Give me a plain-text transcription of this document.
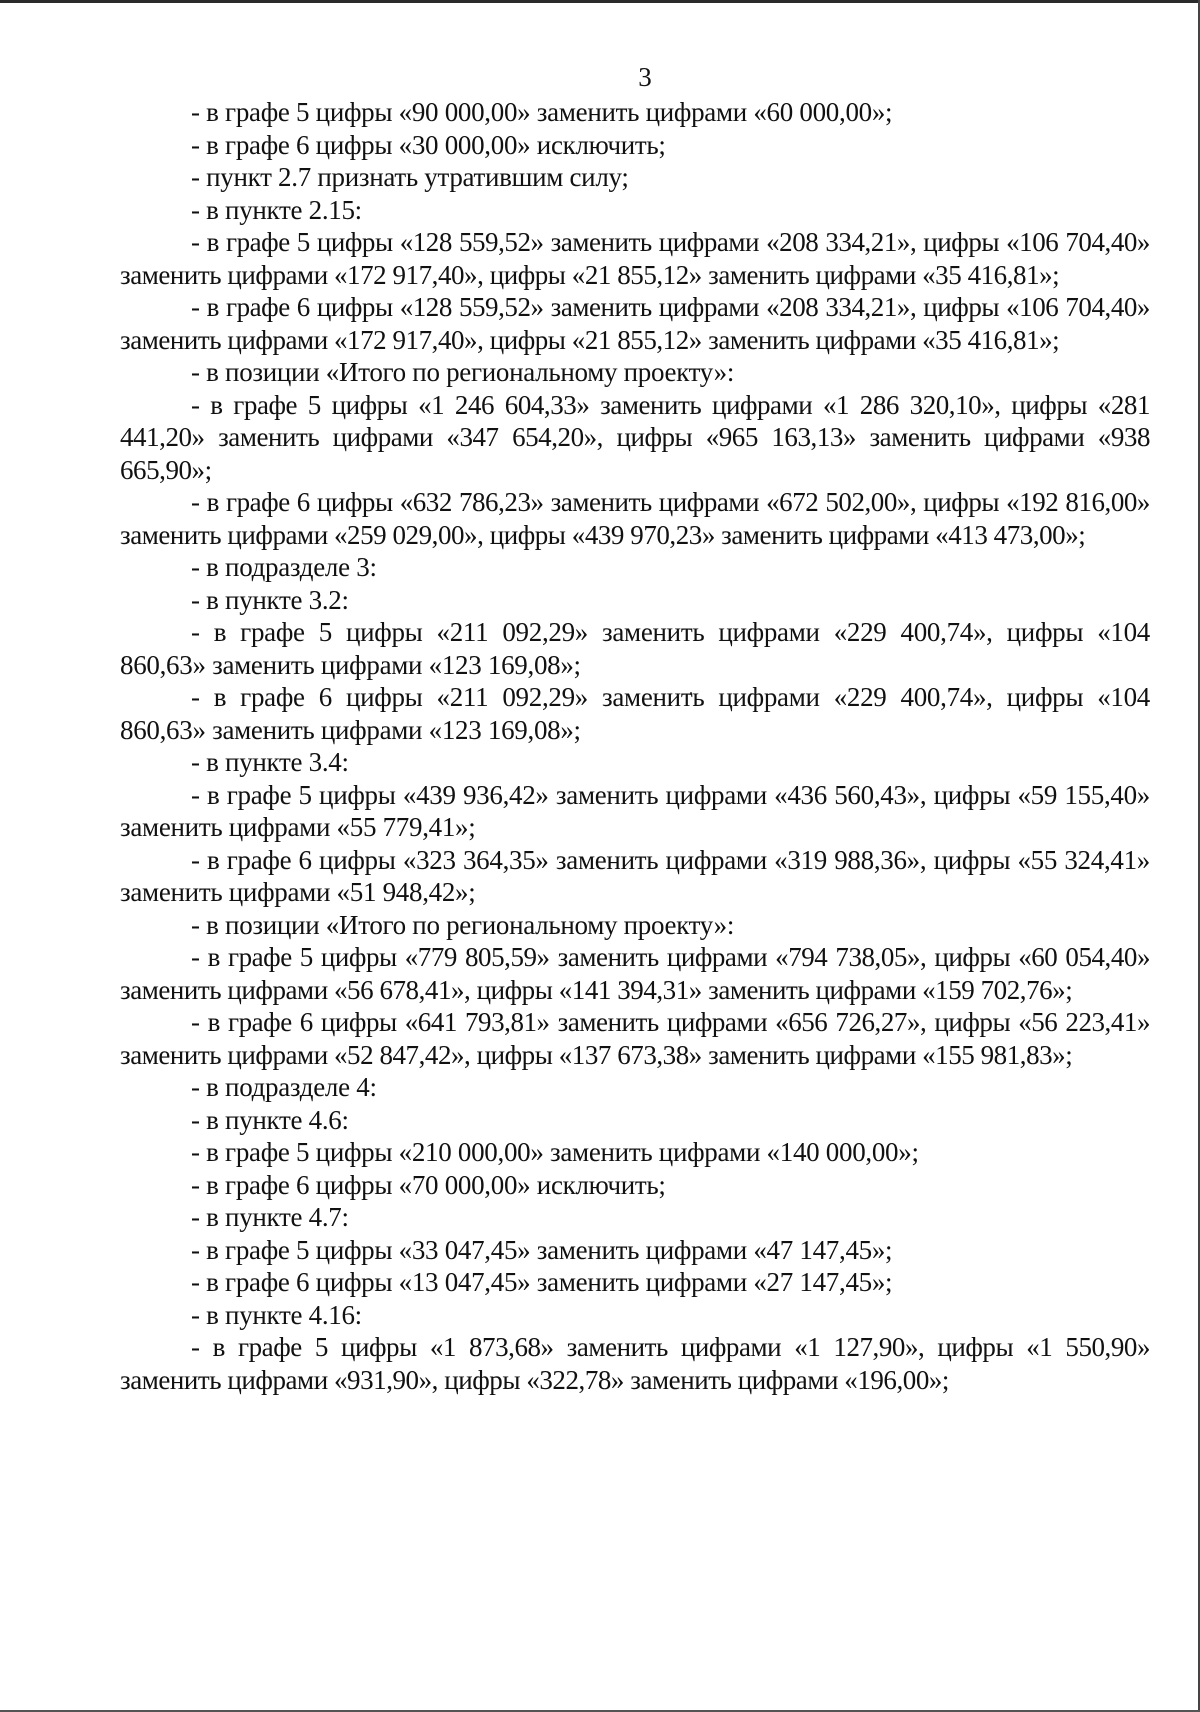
3

- в графе 5 цифры «90 000,00» заменить цифрами «60 000,00»;

- в графе 6 цифры «30 000,00» исключить;

- пункт 2.7 признать утратившим силу;

- в пункте 2.15:

- в графе 5 цифры «128 559,52» заменить цифрами «208 334,21», цифры «106 704,40» заменить цифрами «172 917,40», цифры «21 855,12» заменить цифрами «35 416,81»;

- в графе 6 цифры «128 559,52» заменить цифрами «208 334,21», цифры «106 704,40» заменить цифрами «172 917,40», цифры «21 855,12» заменить цифрами «35 416,81»;

- в позиции «Итого по региональному проекту»:

- в графе 5 цифры «1 246 604,33» заменить цифрами «1 286 320,10», цифры «281 441,20» заменить цифрами «347 654,20», цифры «965 163,13» заменить цифрами «938 665,90»;

- в графе 6 цифры «632 786,23» заменить цифрами «672 502,00», цифры «192 816,00» заменить цифрами «259 029,00», цифры «439 970,23» заменить цифрами «413 473,00»;

- в подразделе 3:

- в пункте 3.2:

- в графе 5 цифры «211 092,29» заменить цифрами «229 400,74», цифры «104 860,63» заменить цифрами «123 169,08»;

- в графе 6 цифры «211 092,29» заменить цифрами «229 400,74», цифры «104 860,63» заменить цифрами «123 169,08»;

- в пункте 3.4:

- в графе 5 цифры «439 936,42» заменить цифрами «436 560,43», цифры «59 155,40» заменить цифрами «55 779,41»;

- в графе 6 цифры «323 364,35» заменить цифрами «319 988,36», цифры «55 324,41» заменить цифрами «51 948,42»;

- в позиции «Итого по региональному проекту»:

- в графе 5 цифры «779 805,59» заменить цифрами «794 738,05», цифры «60 054,40» заменить цифрами «56 678,41», цифры «141 394,31» заменить цифрами «159 702,76»;

- в графе 6 цифры «641 793,81» заменить цифрами «656 726,27», цифры «56 223,41» заменить цифрами «52 847,42», цифры «137 673,38» заменить цифрами «155 981,83»;

- в подразделе 4:

- в пункте 4.6:

- в графе 5 цифры «210 000,00» заменить цифрами «140 000,00»;

- в графе 6 цифры «70 000,00» исключить;

- в пункте 4.7:

- в графе 5 цифры «33 047,45» заменить цифрами «47 147,45»;

- в графе 6 цифры «13 047,45» заменить цифрами «27 147,45»;

- в пункте 4.16:

- в графе 5 цифры «1 873,68» заменить цифрами «1 127,90», цифры «1 550,90» заменить цифрами «931,90», цифры «322,78» заменить цифрами «196,00»;
